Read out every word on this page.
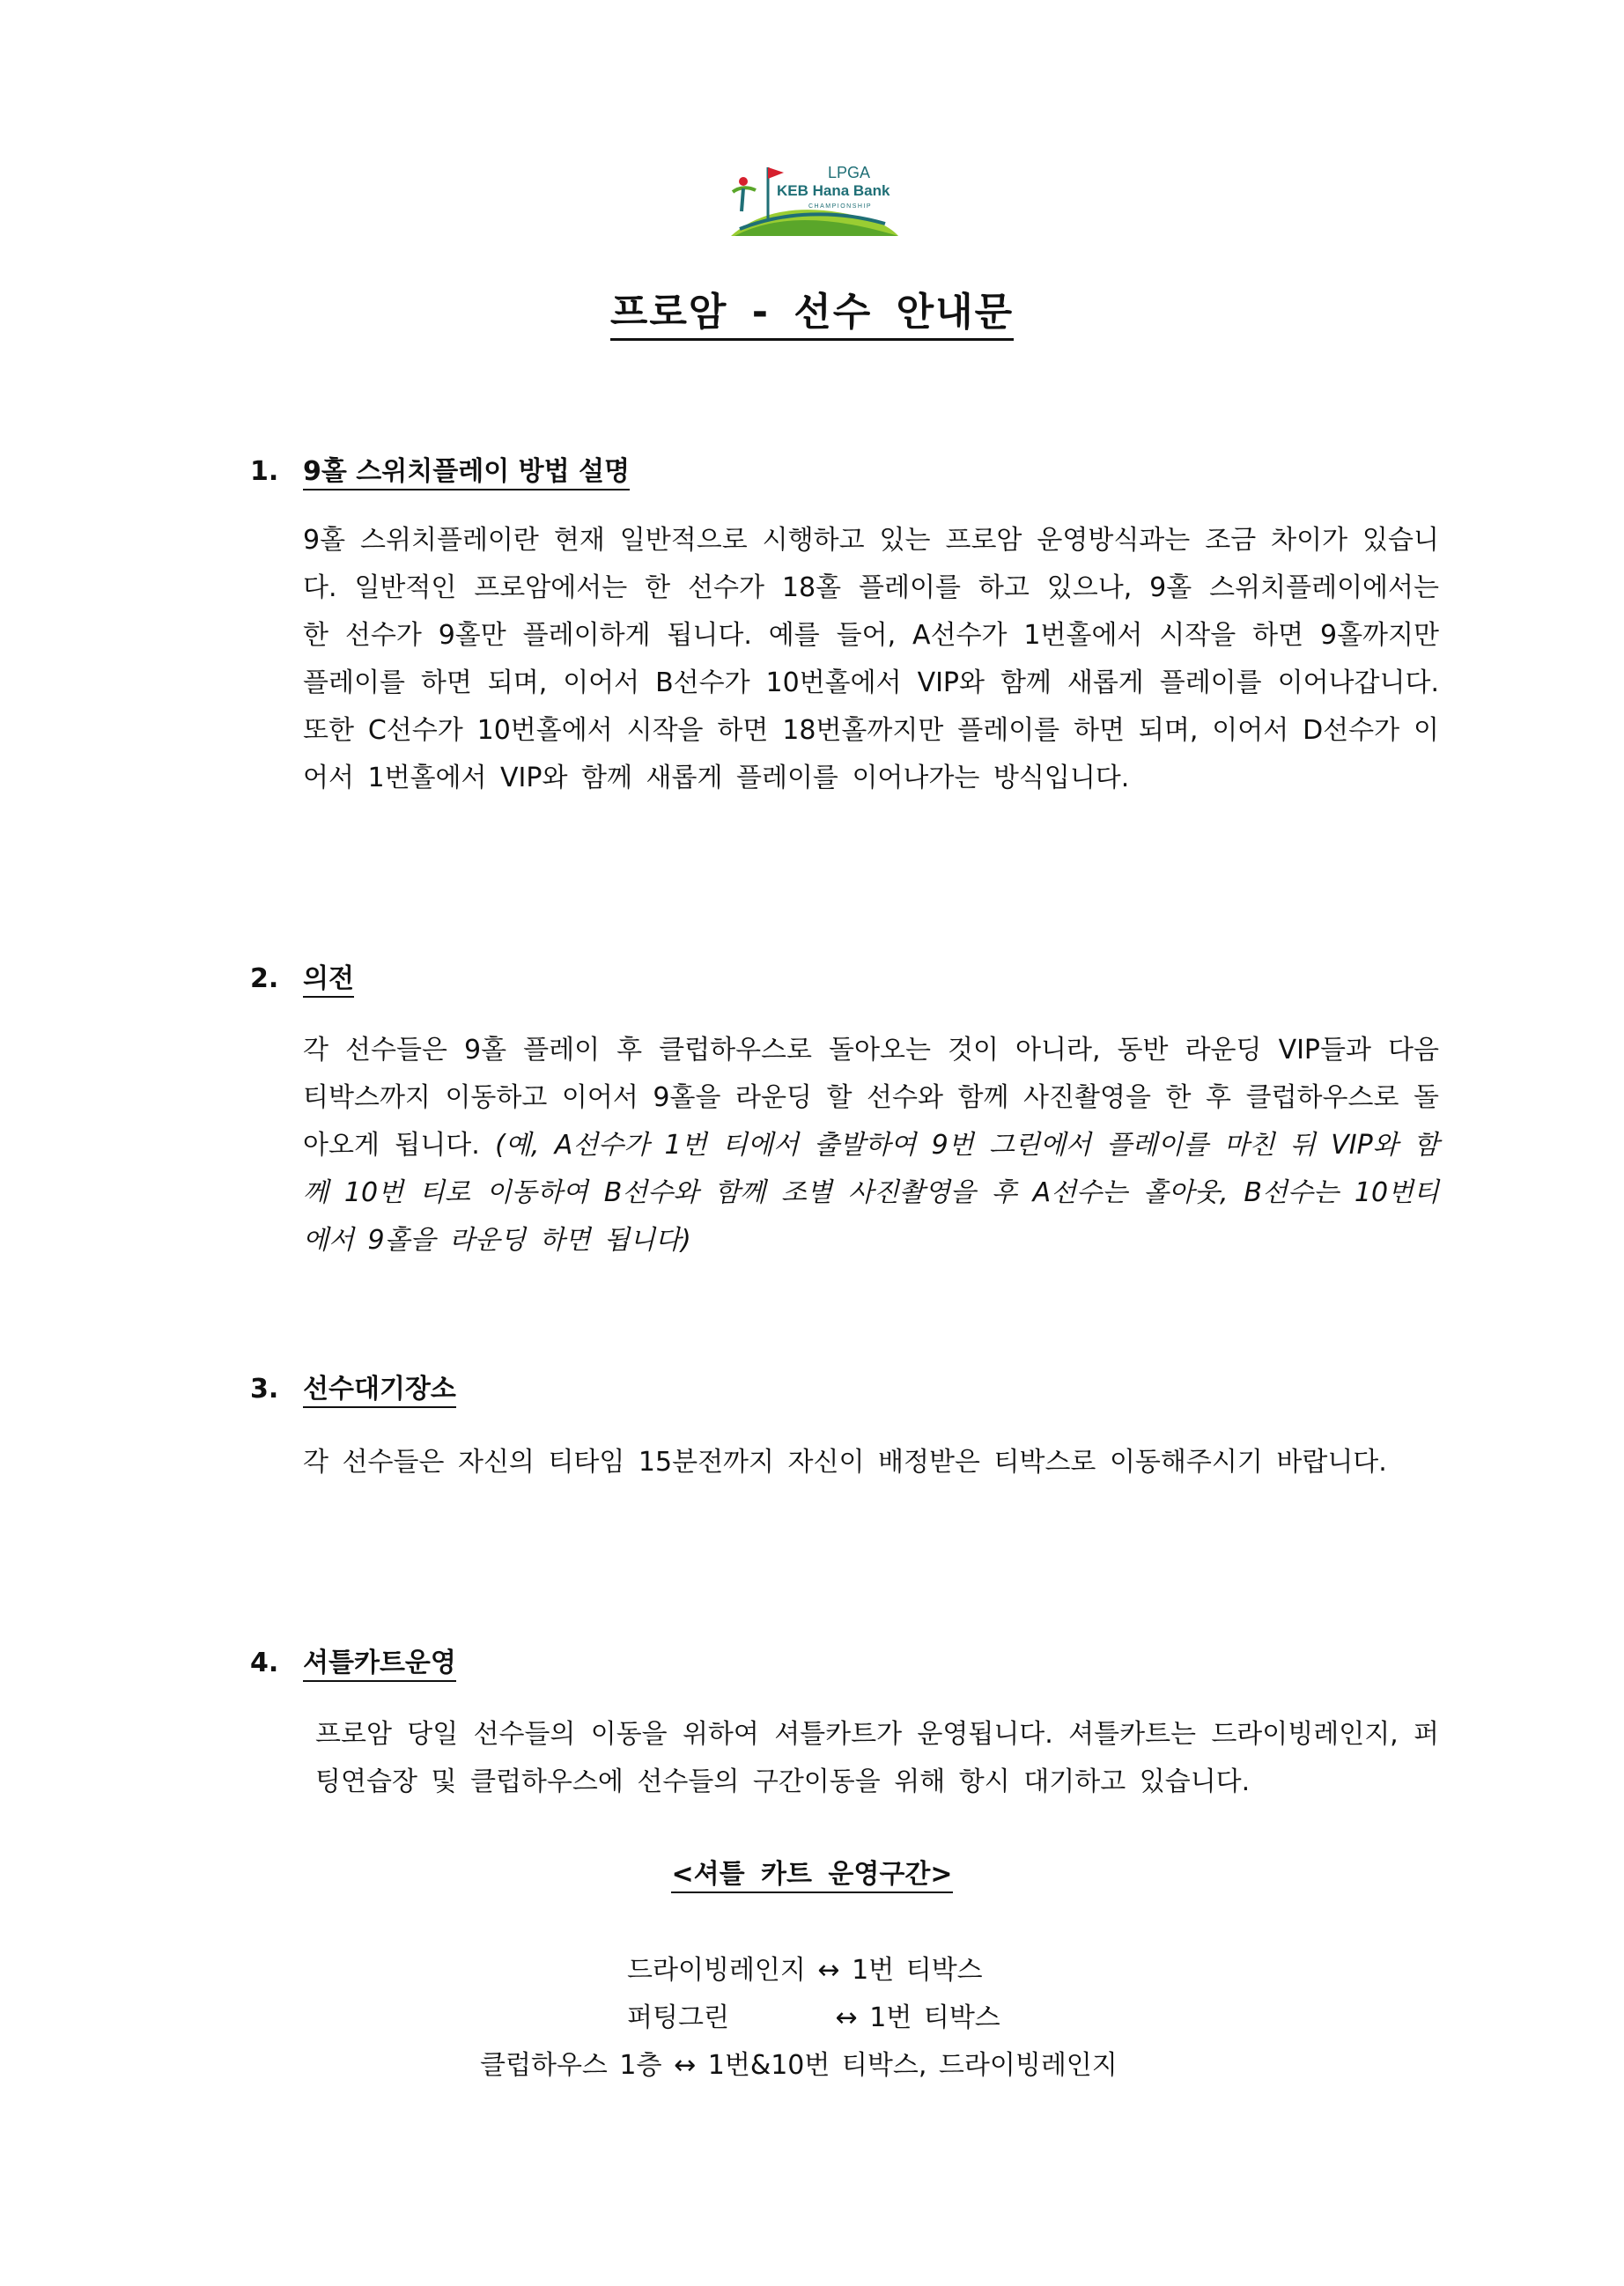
LPGA
KEB Hana Bank
CHAMPIONSHIP
프로암 - 선수 안내문
1. 9홀 스위치플레이 방법 설명
9홀 스위치플레이란 현재 일반적으로 시행하고 있는 프로암 운영방식과는 조금 차이가 있습니다. 일반적인 프로암에서는 한 선수가 18홀 플레이를 하고 있으나, 9홀 스위치플레이에서는 한 선수가 9홀만 플레이하게 됩니다. 예를 들어, A선수가 1번홀에서 시작을 하면 9홀까지만 플레이를 하면 되며, 이어서 B선수가 10번홀에서 VIP와 함께 새롭게 플레이를 이어나갑니다. 또한 C선수가 10번홀에서 시작을 하면 18번홀까지만 플레이를 하면 되며, 이어서 D선수가 이어서 1번홀에서 VIP와 함께 새롭게 플레이를 이어나가는 방식입니다.
2. 의전
각 선수들은 9홀 플레이 후 클럽하우스로 돌아오는 것이 아니라, 동반 라운딩 VIP들과 다음 티박스까지 이동하고 이어서 9홀을 라운딩 할 선수와 함께 사진촬영을 한 후 클럽하우스로 돌아오게 됩니다. (예, A선수가 1번 티에서 출발하여 9번 그린에서 플레이를 마친 뒤 VIP와 함께 10번 티로 이동하여 B선수와 함께 조별 사진촬영을 후 A선수는 홀아웃, B선수는 10번티에서 9홀을 라운딩 하면 됩니다)
3. 선수대기장소
각 선수들은 자신의 티타임 15분전까지 자신이 배정받은 티박스로 이동해주시기 바랍니다.
4. 셔틀카트운영
프로암 당일 선수들의 이동을 위하여 셔틀카트가 운영됩니다. 셔틀카트는 드라이빙레인지, 퍼팅연습장 및 클럽하우스에 선수들의 구간이동을 위해 항시 대기하고 있습니다.
<셔틀 카트 운영구간>
드라이빙레인지 ↔ 1번 티박스
퍼팅그린	↔ 1번 티박스
클럽하우스 1층 ↔ 1번&10번 티박스, 드라이빙레인지
